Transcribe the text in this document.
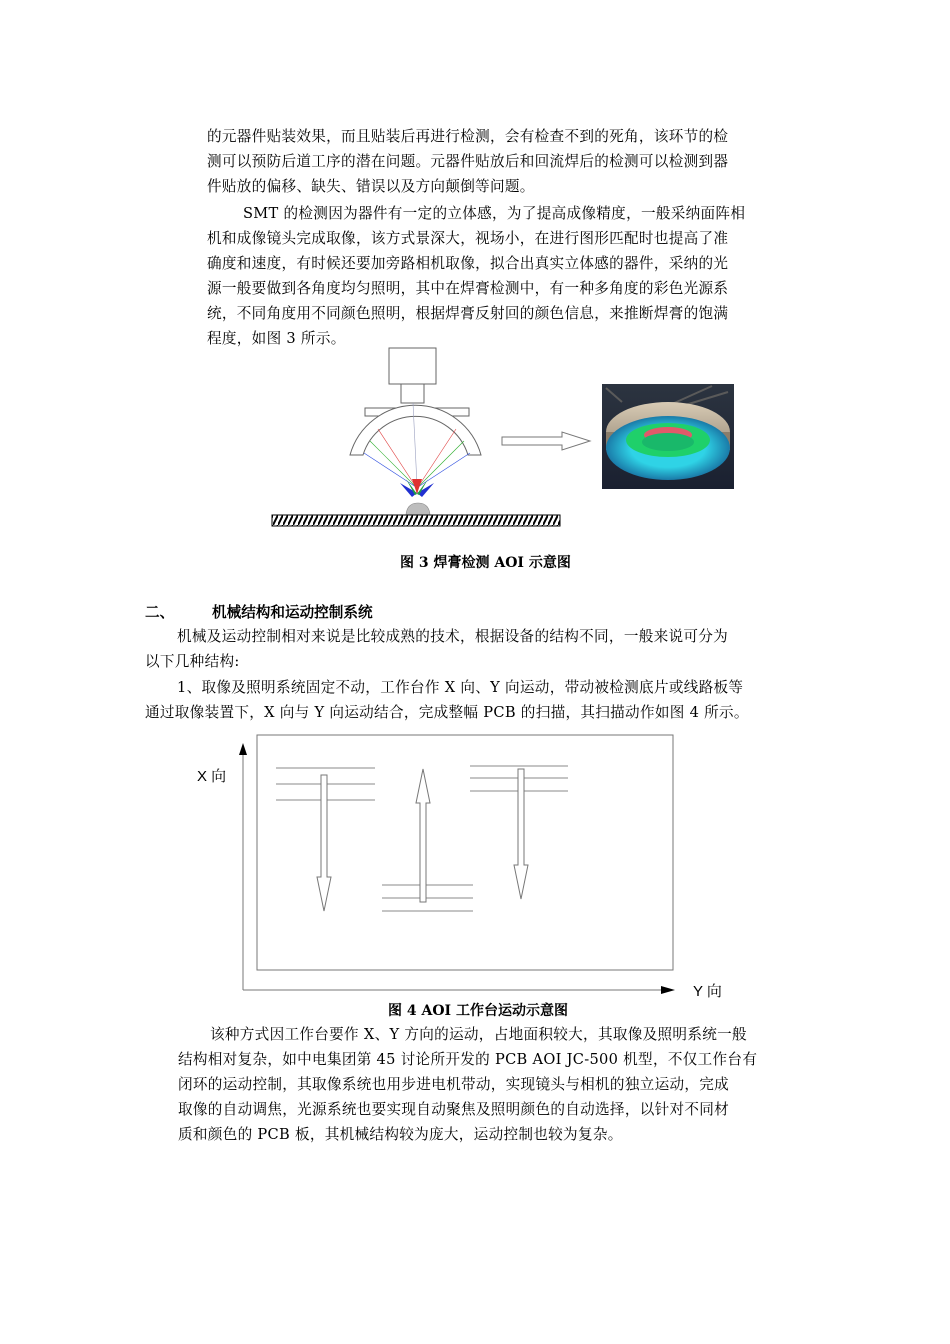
的元器件贴装效果，而且贴装后再进行检测，会有检查不到的死角，该环节的检
测可以预防后道工序的潜在问题。元器件贴放后和回流焊后的检测可以检测到器
件贴放的偏移、缺失、错误以及方向颠倒等问题。
SMT 的检测因为器件有一定的立体感，为了提高成像精度，一般采纳面阵相
机和成像镜头完成取像，该方式景深大，视场小，在进行图形匹配时也提高了准
确度和速度，有时候还要加旁路相机取像，拟合出真实立体感的器件，采纳的光
源一般要做到各角度均匀照明，其中在焊膏检测中，有一种多角度的彩色光源系
统，不同角度用不同颜色照明，根据焊膏反射回的颜色信息，来推断焊膏的饱满
程度，如图 3 所示。
图 3 焊膏检测 AOI 示意图
二、	机械结构和运动控制系统
机械及运动控制相对来说是比较成熟的技术，根据设备的结构不同，一般来说可分为
以下几种结构:
1、取像及照明系统固定不动，工作台作 X 向、Y 向运动，带动被检测底片或线路板等
通过取像装置下，X 向与 Y 向运动结合，完成整幅 PCB 的扫描，其扫描动作如图 4 所示。
X 向
Y 向
图 4 AOI 工作台运动示意图
该种方式因工作台要作 X、Y 方向的运动，占地面积较大，其取像及照明系统一般
结构相对复杂，如中电集团第 45 讨论所开发的 PCB AOI JC-500 机型，不仅工作台有
闭环的运动控制，其取像系统也用步进电机带动，实现镜头与相机的独立运动，完成
取像的自动调焦，光源系统也要实现自动聚焦及照明颜色的自动选择，以针对不同材
质和颜色的 PCB 板，其机械结构较为庞大，运动控制也较为复杂。
